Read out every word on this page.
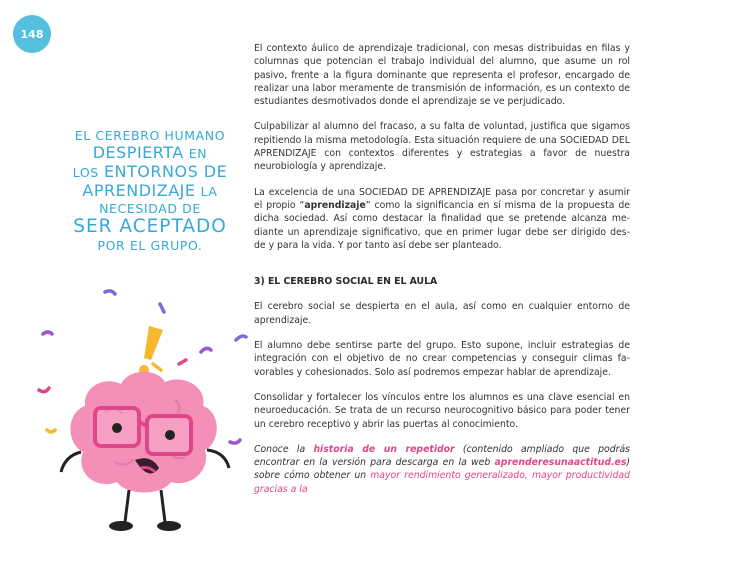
148
EL CEREBRO HUMANO
DESPIERTA EN
LOS ENTORNOS DE
APRENDIZAJE LA
NECESIDAD DE
SER ACEPTADO
POR EL GRUPO.

El contexto áulico de aprendizaje tradicional, con mesas distribuidas en filas y columnas que potencian el trabajo individual del alumno, que asume un rol pasivo, frente a la figura dominante que representa el profesor, encargado de realizar una labor meramente de transmisión de información, es un contexto de estudiantes desmotivados donde el aprendizaje se ve perjudicado.

Culpabilizar al alumno del fracaso, a su falta de voluntad, justifica que sigamos repitiendo la misma metodología. Esta situación requiere de una SOCIEDAD DEL APRENDIZAJE con contextos diferentes y estrategias a favor de nuestra neurobiología y aprendizaje.

La excelencia de una SOCIEDAD DE APRENDIZAJE pasa por concretar y asumir el propio “aprendizaje” como la significancia en sí misma de la propuesta de dicha sociedad. Así como destacar la finalidad que se pretende alcanza me- diante un aprendizaje significativo, que en primer lugar debe ser dirigido des- de y para la vida. Y por tanto así debe ser planteado.

3) EL CEREBRO SOCIAL EN EL AULA

El cerebro social se despierta en el aula, así como en cualquier entorno de aprendizaje.

El alumno debe sentirse parte del grupo. Esto supone, incluir estrategias de integración con el objetivo de no crear competencias y conseguir climas fa- vorables y cohesionados. Solo así podremos empezar hablar de aprendizaje.

Consolidar y fortalecer los vínculos entre los alumnos es una clave esencial en neuroeducación. Se trata de un recurso neurocognitivo básico para poder tener un cerebro receptivo y abrir las puertas al conocimiento.

Conoce la historia de un repetidor (contenido ampliado que podrás encontrar en la versión para descarga en la web aprenderesunaactitud.es) sobre cómo obtener un mayor rendimiento generalizado, mayor productividad gracias a la
